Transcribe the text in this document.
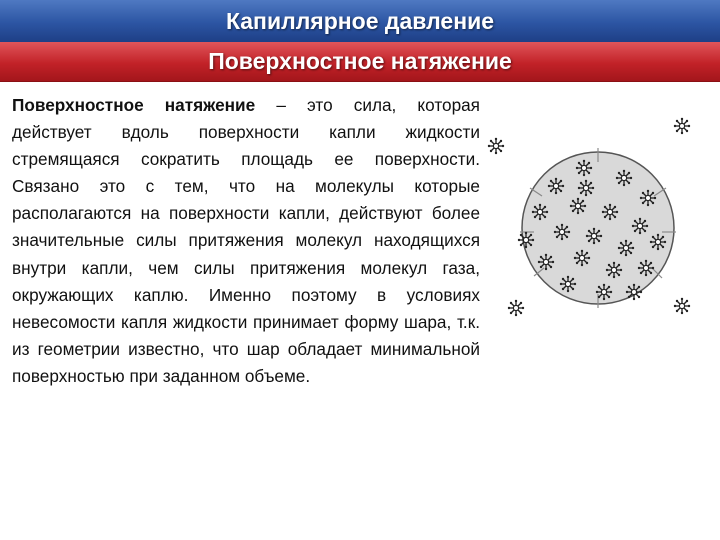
Капиллярное давление
Поверхностное натяжение
Поверхностное натяжение – это сила, которая действует вдоль поверхности капли жидкости стремящаяся сократить площадь ее поверхности. Связано это с тем, что на молекулы которые располагаются на поверхности капли, действуют более значительные силы притяжения молекул находящихся внутри капли, чем силы притяжения молекул газа, окружающих каплю. Именно поэтому в условиях невесомости капля жидкости принимает форму шара, т.к. из геометрии известно, что шар обладает минимальной поверхностью при заданном объеме.
